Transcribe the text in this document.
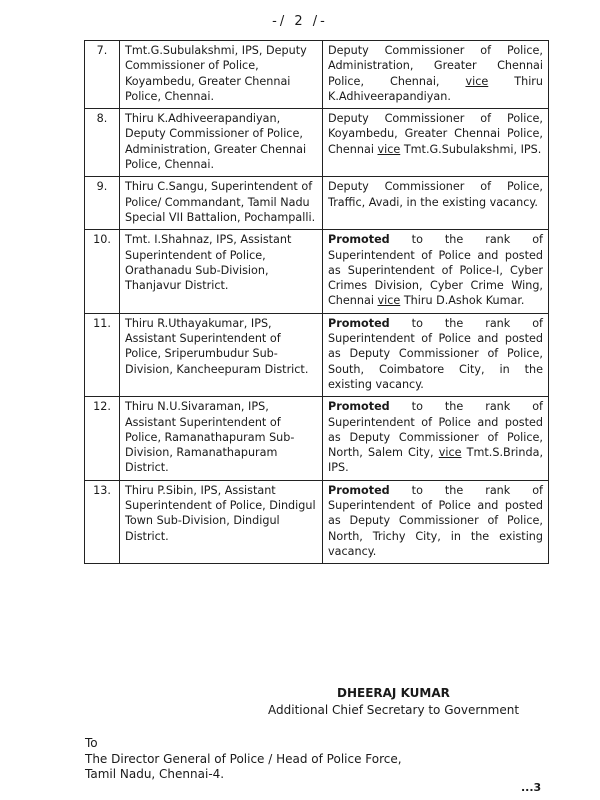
-/ 2 /-
7.	Tmt.G.Subulakshmi, IPS, Deputy Commissioner of Police, Koyambedu, Greater Chennai Police, Chennai.	Deputy Commissioner of Police, Administration, Greater Chennai Police, Chennai, vice Thiru K.Adhiveerapandiyan.
8.	Thiru K.Adhiveerapandiyan, Deputy Commissioner of Police, Administration, Greater Chennai Police, Chennai.	Deputy Commissioner of Police, Koyambedu, Greater Chennai Police, Chennai vice Tmt.G.Subulakshmi, IPS.
9.	Thiru C.Sangu, Superintendent of Police/ Commandant, Tamil Nadu Special VII Battalion, Pochampalli.	Deputy Commissioner of Police, Traffic, Avadi, in the existing vacancy.
10.	Tmt. I.Shahnaz, IPS, Assistant Superintendent of Police, Orathanadu Sub-Division, Thanjavur District.	Promoted to the rank of Superintendent of Police and posted as Superintendent of Police-I, Cyber Crimes Division, Cyber Crime Wing, Chennai vice Thiru D.Ashok Kumar.
11.	Thiru R.Uthayakumar, IPS, Assistant Superintendent of Police, Sriperumbudur Sub-Division, Kancheepuram District.	Promoted to the rank of Superintendent of Police and posted as Deputy Commissioner of Police, South, Coimbatore City, in the existing vacancy.
12.	Thiru N.U.Sivaraman, IPS, Assistant Superintendent of Police, Ramanathapuram Sub-Division, Ramanathapuram District.	Promoted to the rank of Superintendent of Police and posted as Deputy Commissioner of Police, North, Salem City, vice Tmt.S.Brinda, IPS.
13.	Thiru P.Sibin, IPS, Assistant Superintendent of Police, Dindigul Town Sub-Division, Dindigul District.	Promoted to the rank of Superintendent of Police and posted as Deputy Commissioner of Police, North, Trichy City, in the existing vacancy.
DHEERAJ KUMAR
Additional Chief Secretary to Government
To
The Director General of Police / Head of Police Force,
Tamil Nadu, Chennai-4.
...3
